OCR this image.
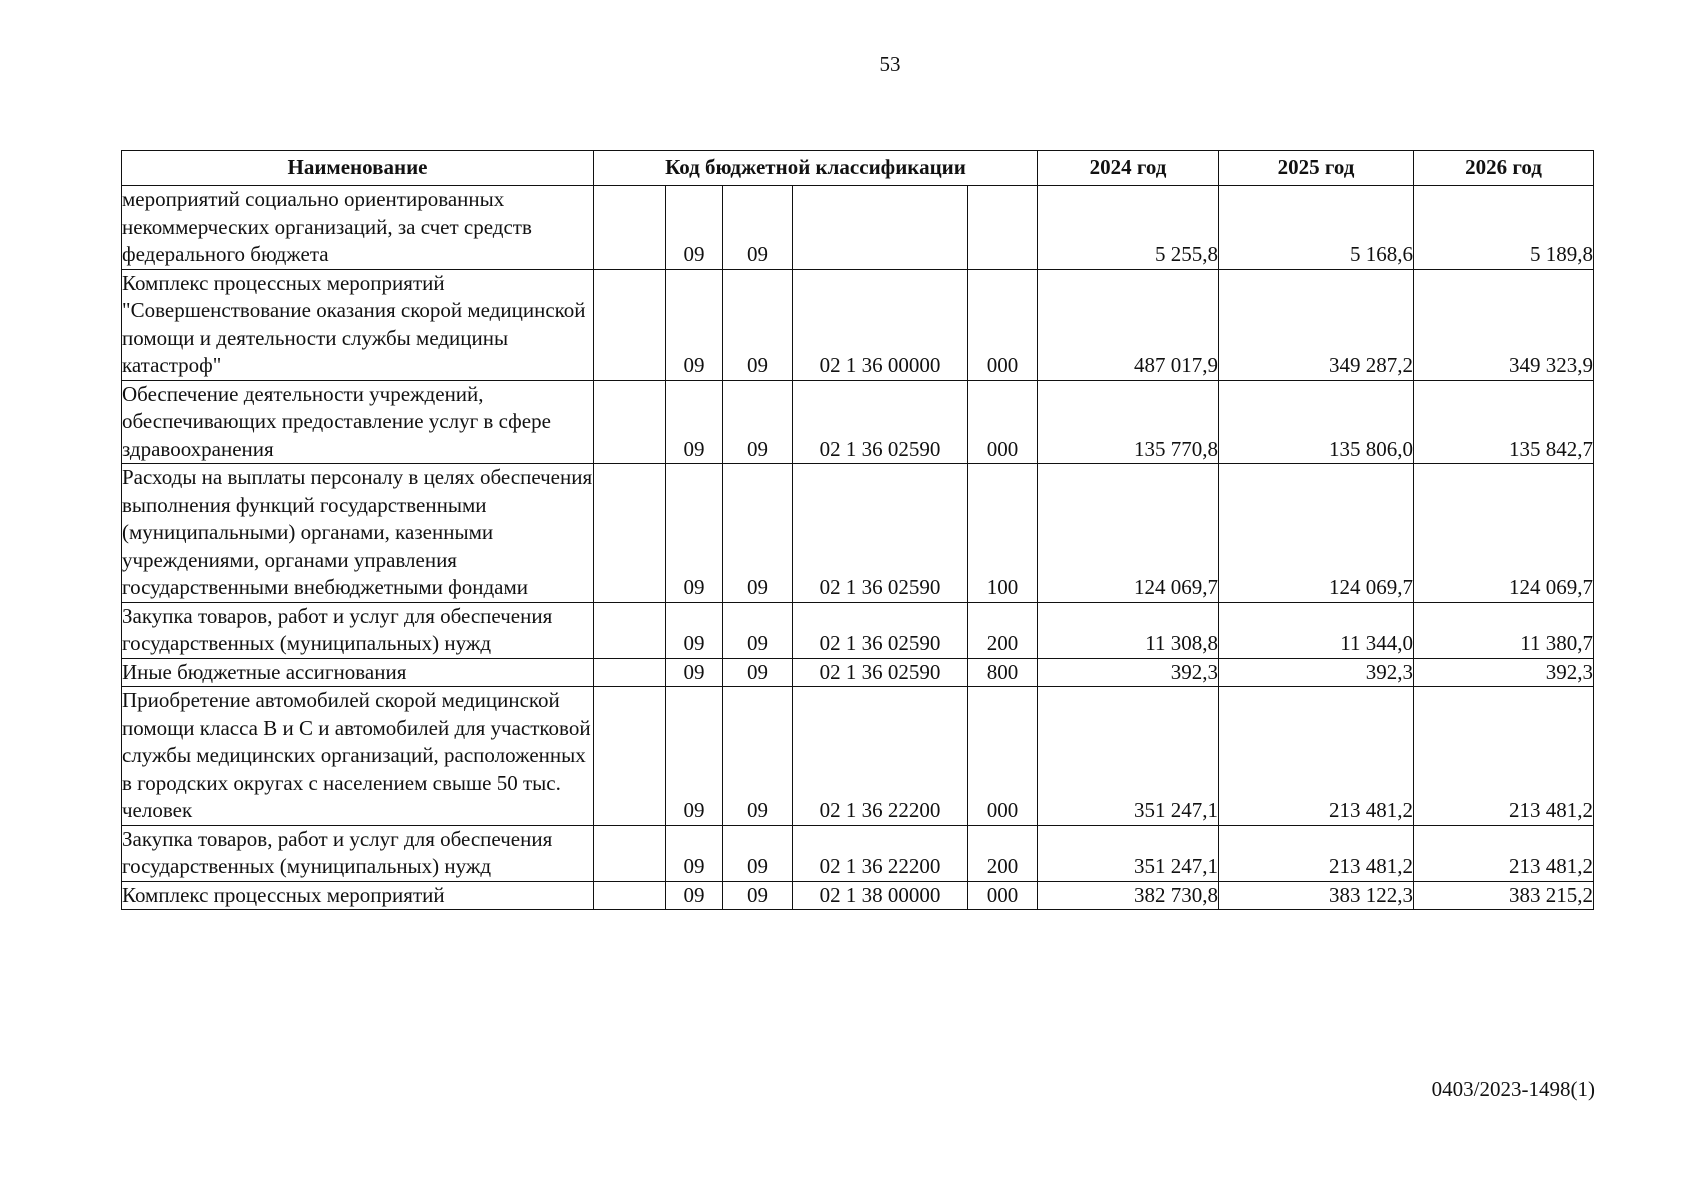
53
Наименование	Код бюджетной классификации					2024 год	2025 год	2026 год
мероприятий социально ориентированных некоммерческих организаций, за счет средств федерального бюджета		09	09			5 255,8	5 168,6	5 189,8
Комплекс процессных мероприятий "Совершенствование оказания скорой медицинской помощи и деятельности службы медицины катастроф"		09	09	02 1 36 00000	000	487 017,9	349 287,2	349 323,9
Обеспечение деятельности учреждений, обеспечивающих предоставление услуг в сфере здравоохранения		09	09	02 1 36 02590	000	135 770,8	135 806,0	135 842,7
Расходы на выплаты персоналу в целях обеспечения выполнения функций государственными (муниципальными) органами, казенными учреждениями, органами управления государственными внебюджетными фондами		09	09	02 1 36 02590	100	124 069,7	124 069,7	124 069,7
Закупка товаров, работ и услуг для обеспечения государственных (муниципальных) нужд		09	09	02 1 36 02590	200	11 308,8	11 344,0	11 380,7
Иные бюджетные ассигнования		09	09	02 1 36 02590	800	392,3	392,3	392,3
Приобретение автомобилей скорой медицинской помощи класса B и C и автомобилей для участковой службы медицинских организаций, расположенных в городских округах с населением свыше 50 тыс. человек		09	09	02 1 36 22200	000	351 247,1	213 481,2	213 481,2
Закупка товаров, работ и услуг для обеспечения государственных (муниципальных) нужд		09	09	02 1 36 22200	200	351 247,1	213 481,2	213 481,2
Комплекс процессных мероприятий		09	09	02 1 38 00000	000	382 730,8	383 122,3	383 215,2
0403/2023-1498(1)
